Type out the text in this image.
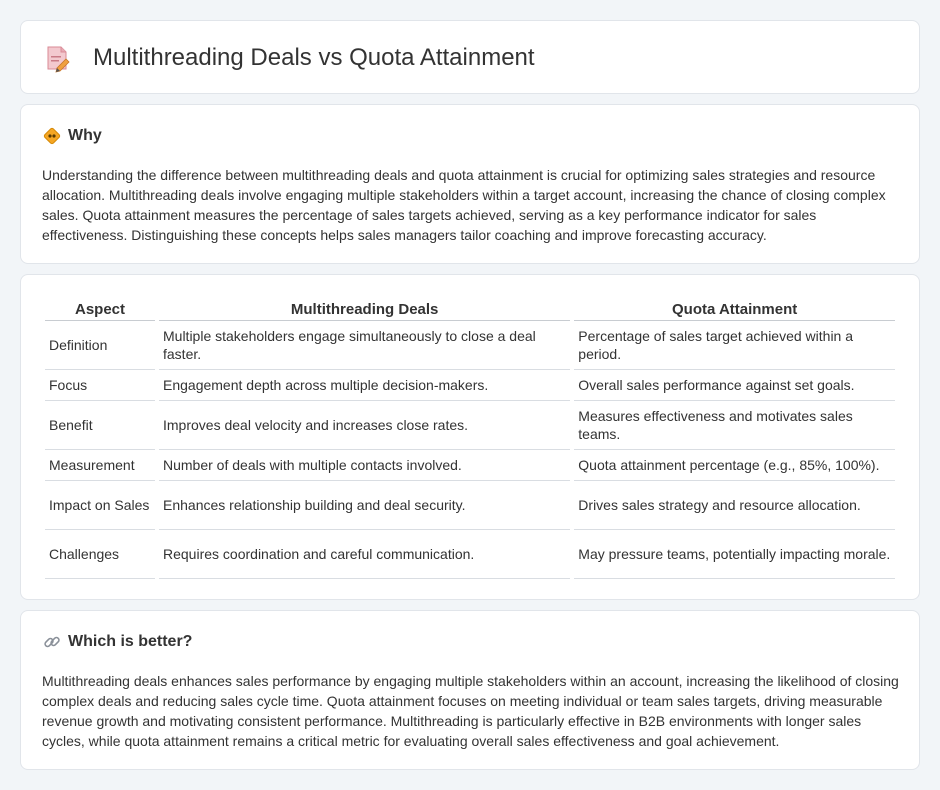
Multithreading Deals vs Quota Attainment
Why

Understanding the difference between multithreading deals and quota attainment is crucial for optimizing sales strategies and resource allocation. Multithreading deals involve engaging multiple stakeholders within a target account, increasing the chance of closing complex sales. Quota attainment measures the percentage of sales targets achieved, serving as a key performance indicator for sales effectiveness. Distinguishing these concepts helps sales managers tailor coaching and improve forecasting accuracy.

Aspect	Multithreading Deals	Quota Attainment
Definition	Multiple stakeholders engage simultaneously to close a deal faster.	Percentage of sales target achieved within a period.
Focus	Engagement depth across multiple decision-makers.	Overall sales performance against set goals.
Benefit	Improves deal velocity and increases close rates.	Measures effectiveness and motivates sales teams.
Measurement	Number of deals with multiple contacts involved.	Quota attainment percentage (e.g., 85%, 100%).
Impact on Sales	Enhances relationship building and deal security.	Drives sales strategy and resource allocation.
Challenges	Requires coordination and careful communication.	May pressure teams, potentially impacting morale.
Which is better?

Multithreading deals enhances sales performance by engaging multiple stakeholders within an account, increasing the likelihood of closing complex deals and reducing sales cycle time. Quota attainment focuses on meeting individual or team sales targets, driving measurable revenue growth and motivating consistent performance. Multithreading is particularly effective in B2B environments with longer sales cycles, while quota attainment remains a critical metric for evaluating overall sales effectiveness and goal achievement.
